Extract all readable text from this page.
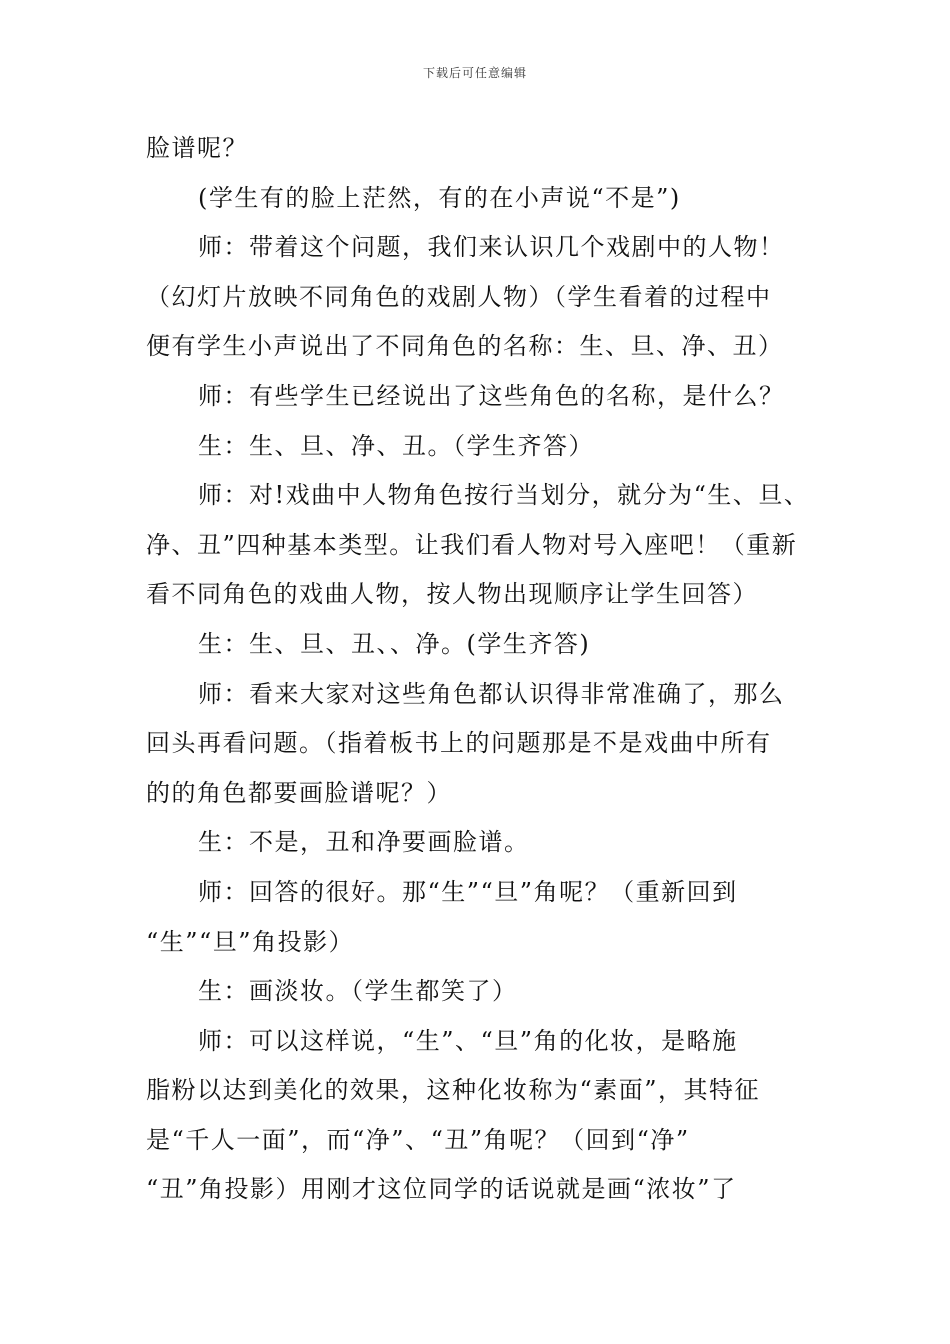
下载后可任意编辑
脸谱呢？
(学生有的脸上茫然，有的在小声说“不是”)
师：带着这个问题，我们来认识几个戏剧中的人物！
（幻灯片放映不同角色的戏剧人物）（学生看着的过程中
便有学生小声说出了不同角色的名称：生、旦、净、丑）
师：有些学生已经说出了这些角色的名称，是什么？
生：生、旦、净、丑。（学生齐答）
师：对!戏曲中人物角色按行当划分，就分为“生、旦、
净、丑”四种基本类型。让我们看人物对号入座吧！（重新
看不同角色的戏曲人物，按人物出现顺序让学生回答）
生：生、旦、丑、、净。(学生齐答)
师：看来大家对这些角色都认识得非常准确了，那么
回头再看问题。（指着板书上的问题那是不是戏曲中所有
的的角色都要画脸谱呢？）
生：不是，丑和净要画脸谱。
师：回答的很好。那“生”“旦”角呢？（重新回到
“生”“旦”角投影）
生：画淡妆。（学生都笑了）
师：可以这样说，“生”、“旦”角的化妆，是略施
脂粉以达到美化的效果，这种化妆称为“素面”，其特征
是“千人一面”，而“净”、“丑”角呢？（回到“净”
“丑”角投影）用刚才这位同学的话说就是画“浓妆”了
